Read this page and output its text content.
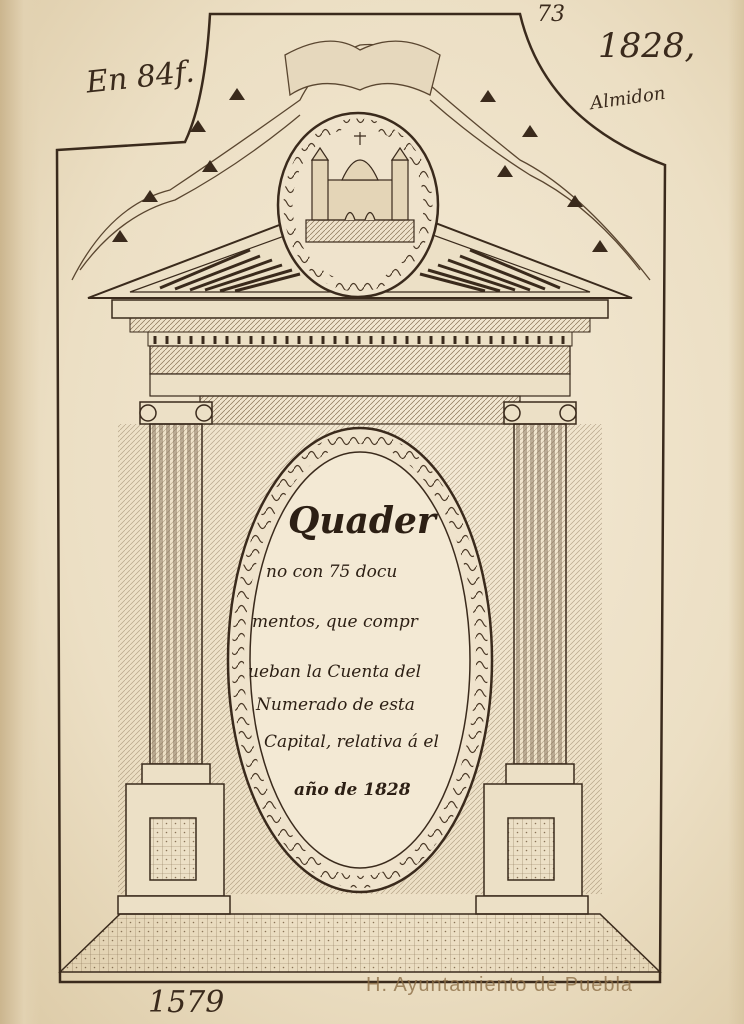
73
En 84f.
1828,
Almidon
Quader
no con 75 docu
mentos, que compr
ueban la Cuenta del
Numerado de esta
Capital, relativa á el
año de 1828
1579	H. Ayuntamiento de Puebla
